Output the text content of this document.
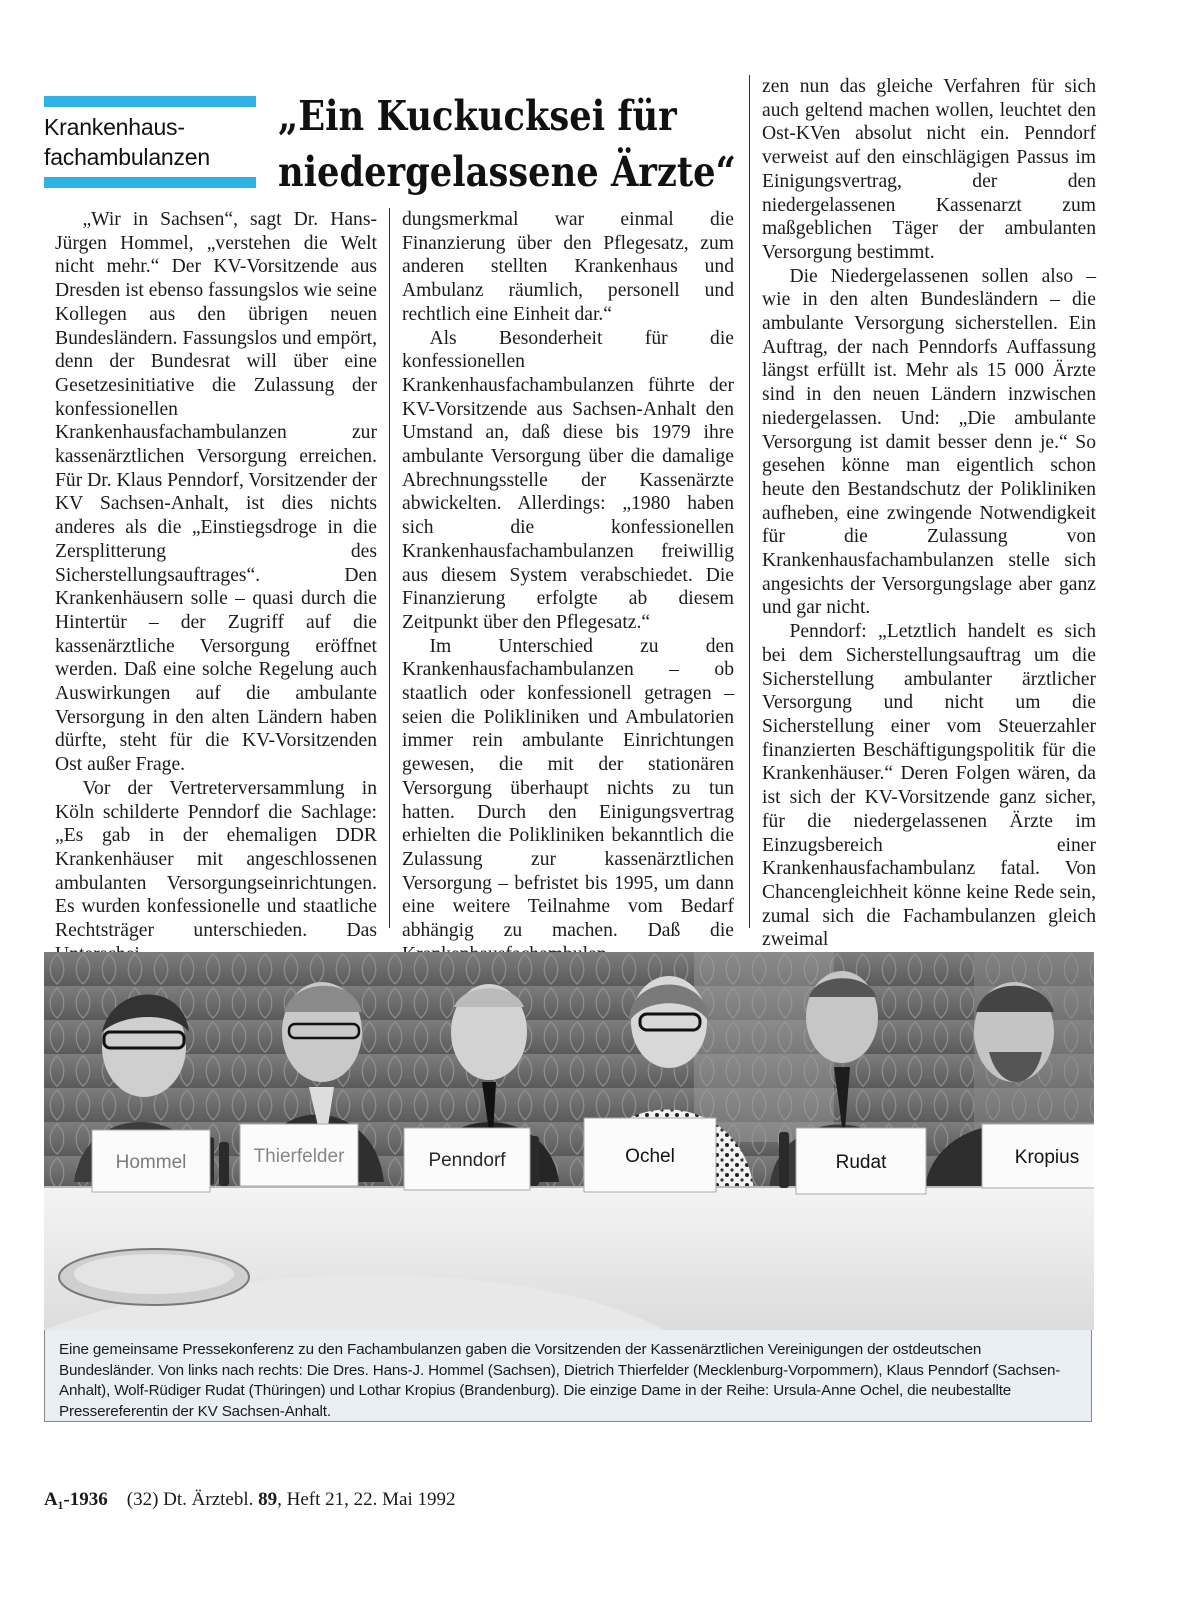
Krankenhaus-
fachambulanzen
„Ein Kuckucksei für
niedergelassene Ärzte“

„Wir in Sachsen“, sagt Dr. Hans-Jürgen Hommel, „verstehen die Welt nicht mehr.“ Der KV-Vorsitzende aus Dresden ist ebenso fassungslos wie seine Kollegen aus den übrigen neuen Bundesländern. Fassungslos und empört, denn der Bundesrat will über eine Gesetzesinitiative die Zulassung der konfessionellen Krankenhausfachambulanzen zur kassenärztlichen Versorgung erreichen. Für Dr. Klaus Penndorf, Vorsitzender der KV Sachsen-Anhalt, ist dies nichts anderes als die „Einstiegsdroge in die Zersplitterung des Sicherstellungsauftrages“. Den Krankenhäusern solle – quasi durch die Hintertür – der Zugriff auf die kassenärztliche Versorgung eröffnet werden. Daß eine solche Regelung auch Auswirkungen auf die ambulante Versorgung in den alten Ländern haben dürfte, steht für die KV-Vorsitzenden Ost außer Frage.

Vor der Vertreterversammlung in Köln schilderte Penndorf die Sachlage: „Es gab in der ehemaligen DDR Krankenhäuser mit angeschlossenen ambulanten Versorgungseinrichtungen. Es wurden konfessionelle und staatliche Rechtsträger unterschieden. Das

dungsmerkmal war einmal die Finanzierung über den Pflegesatz, zum anderen stellten Krankenhaus und Ambulanz räumlich, personell und rechtlich eine Einheit dar.“

Als Besonderheit für die konfessionellen Krankenhausfachambulanzen führte der KV-Vorsitzende aus Sachsen-Anhalt den Umstand an, daß diese bis 1979 ihre ambulante Versorgung über die damalige Abrechnungsstelle der Kassenärzte abwickelten. Allerdings: „1980 haben sich die konfessionellen Krankenhausfachambulanzen freiwillig aus diesem System verabschiedet. Die Finanzierung erfolgte ab diesem Zeitpunkt über den Pflegesatz.“

Im Unterschied zu den Krankenhausfachambulanzen – ob staatlich oder konfessionell getragen – seien die Polikliniken und Ambulatorien immer rein ambulante Einrichtungen gewesen, die mit der stationären Versorgung überhaupt nichts zu tun hatten. Durch den Einigungsvertrag erhielten die Polikliniken bekanntlich die Zulassung zur kassenärztlichen Versorgung – befristet bis 1995, um dann eine weitere Teilnahme vom Bedarf abhängig zu machen. Daß die

zen nun das gleiche Verfahren für sich auch geltend machen wollen, leuchtet den Ost-KVen absolut nicht ein. Penndorf verweist auf den einschlägigen Passus im Einigungsvertrag, der den niedergelassenen Kassenarzt zum maßgeblichen Täger der ambulanten Versorgung bestimmt.

Die Niedergelassenen sollen also – wie in den alten Bundesländern – die ambulante Versorgung sicherstellen. Ein Auftrag, der nach Penndorfs Auffassung längst erfüllt ist. Mehr als 15 000 Ärzte sind in den neuen Ländern inzwischen niedergelassen. Und: „Die ambulante Versorgung ist damit besser denn je.“ So gesehen könne man eigentlich schon heute den Bestandschutz der Polikliniken aufheben, eine zwingende Notwendigkeit für die Zulassung von Krankenhausfachambulanzen stelle sich angesichts der Versorgungslage aber ganz und gar nicht.

Penndorf: „Letztlich handelt es sich bei dem Sicherstellungsauftrag um die Sicherstellung ambulanter ärztlicher Versorgung und nicht um die Sicherstellung einer vom Steuerzahler finanzierten Beschäftigungspolitik für die Krankenhäuser.“ Deren Folgen wären, da ist sich der KV-Vorsitzende ganz sicher, für die niedergelassenen Ärzte im Einzugsbereich einer Krankenhausfachambulanz fatal. Von Chancengleichheit könne keine Rede sein, zumal sich die Fachambulanzen gleich zweimal

Hommel	Thierfelder	Penndorf	Ochel	Rudat	Kropius
Eine gemeinsame Pressekonferenz zu den Fachambulanzen gaben die Vorsitzenden der Kassenärztlichen Vereinigungen der ostdeutschen Bundesländer. Von links nach rechts: Die Dres. Hans-J. Hommel (Sachsen), Dietrich Thierfelder (Mecklenburg-Vorpommern), Klaus Penndorf (Sachsen-Anhalt), Wolf-Rüdiger Rudat (Thüringen) und Lothar Kropius (Brandenburg). Die einzige Dame in der Reihe: Ursula-Anne Ochel, die neubestallte Pressereferentin der KV Sachsen-Anhalt.
A₁-1936 (32) Dt. Ärztebl. 89, Heft 21, 22. Mai 1992
